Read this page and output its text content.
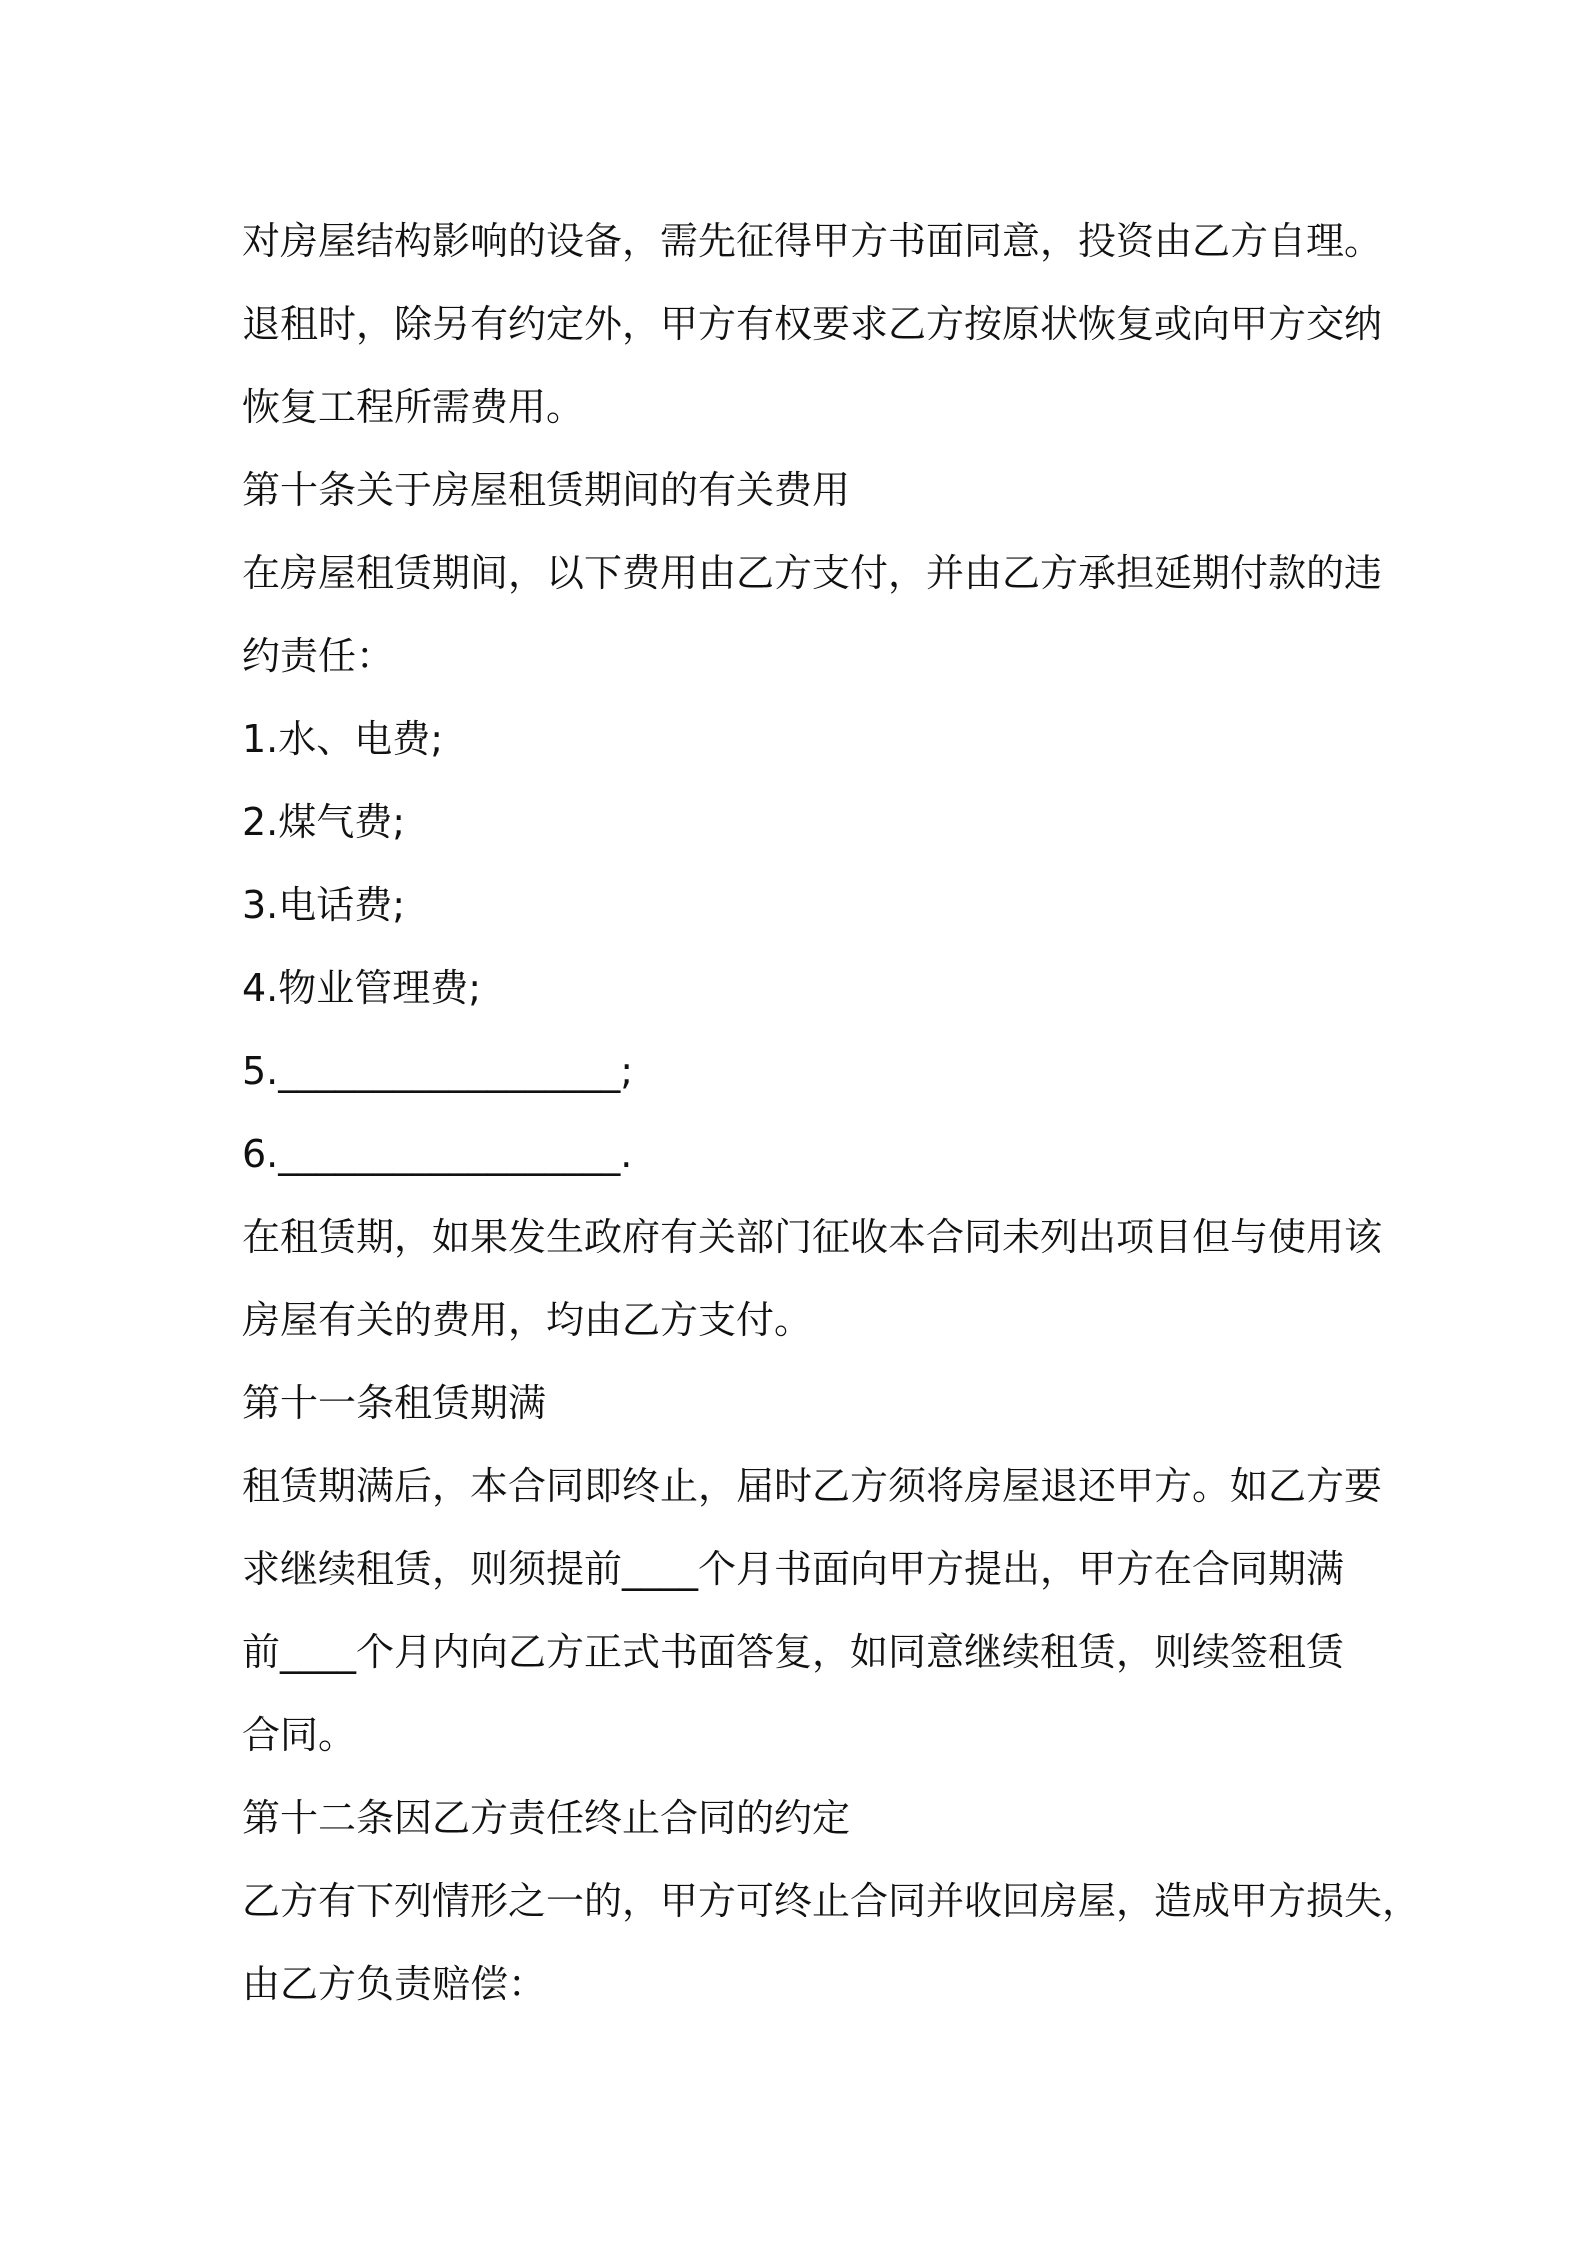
对房屋结构影响的设备，需先征得甲方书面同意，投资由乙方自理。
退租时，除另有约定外，甲方有权要求乙方按原状恢复或向甲方交纳
恢复工程所需费用。
第十条关于房屋租赁期间的有关费用
在房屋租赁期间，以下费用由乙方支付，并由乙方承担延期付款的违
约责任：
1.水、电费;
2.煤气费;
3.电话费;
4.物业管理费;
5.__________________;
6.__________________.
在租赁期，如果发生政府有关部门征收本合同未列出项目但与使用该
房屋有关的费用，均由乙方支付。
第十一条租赁期满
租赁期满后，本合同即终止，届时乙方须将房屋退还甲方。如乙方要
求继续租赁，则须提前____个月书面向甲方提出，甲方在合同期满
前____个月内向乙方正式书面答复，如同意继续租赁，则续签租赁
合同。
第十二条因乙方责任终止合同的约定
乙方有下列情形之一的，甲方可终止合同并收回房屋，造成甲方损失，
由乙方负责赔偿：
